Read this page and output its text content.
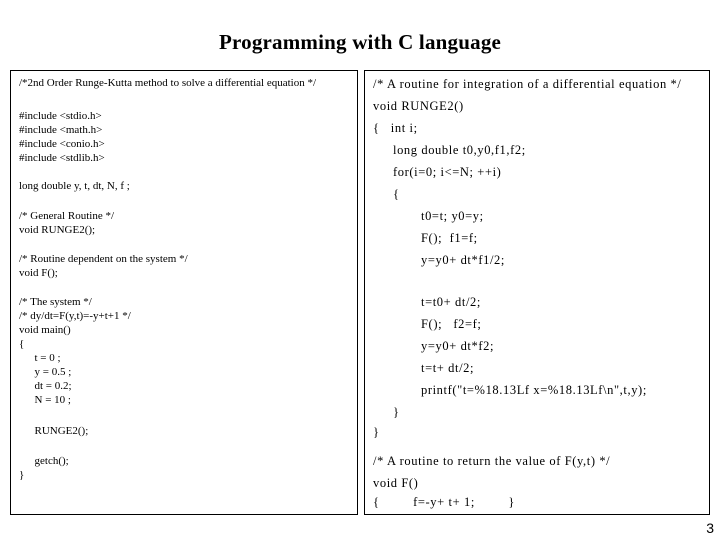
Programming with C language
/*2nd Order Runge-Kutta method to solve a differential equation */
#include <stdio.h>
#include <math.h>
#include <conio.h>
#include <stdlib.h>
long double y, t, dt, N, f ;
/* General Routine */
void RUNGE2();
/* Routine dependent on the system */
void F();
/* The system */
/* dy/dt=F(y,t)=-y+t+1 */
void main()
{
t = 0 ;
y = 0.5 ;
dt = 0.2;
N = 10 ;
RUNGE2();
getch();
}
/* A routine for integration of a differential equation */
void RUNGE2()
{   int i;
long double t0,y0,f1,f2;
for(i=0; i<=N; ++i)
{
t0=t; y0=y;
F();  f1=f;
y=y0+ dt*f1/2;
t=t0+ dt/2;
F();   f2=f;
y=y0+ dt*f2;
t=t+ dt/2;
printf("t=%18.13Lf x=%18.13Lf\n",t,y);
}
}
/* A routine to return the value of F(y,t) */
void F()
{         f=-y+ t+ 1;         }
3
